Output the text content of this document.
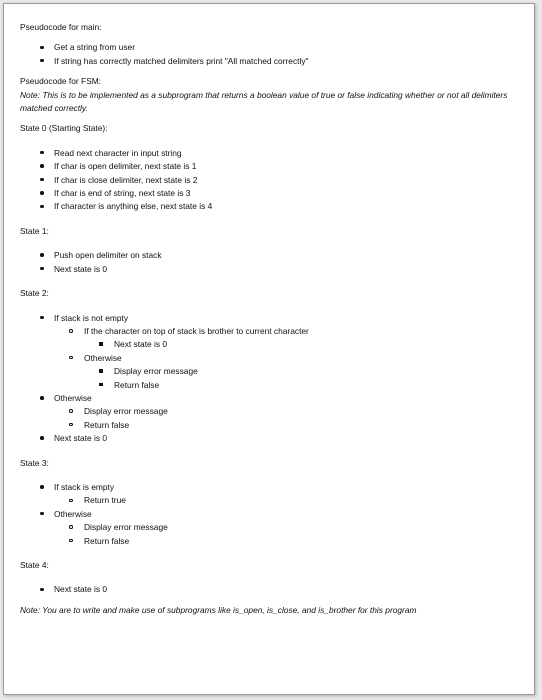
Pseudocode for main:

Get a string from user
If string has correctly matched delimiters print "All matched correctly"

Pseudocode for FSM:

Note: This is to be implemented as a subprogram that returns a boolean value of true or false indicating whether or not all delimiters matched correctly.

State 0 (Starting State):

Read next character in input string
If char is open delimiter, next state is 1
If char is close delimiter, next state is 2
If char is end of string, next state is 3
If character is anything else, next state is 4

State 1:

Push open delimiter on stack
Next state is 0

State 2:

If stack is not empty
If the character on top of stack is brother to current character
Next state is 0
Otherwise
Display error message
Return false
Otherwise
Display error message
Return false
Next state is 0

State 3:

If stack is empty
Return true
Otherwise
Display error message
Return false

State 4:

Next state is 0

Note: You are to write and make use of subprograms like is_open, is_close, and is_brother for this program
